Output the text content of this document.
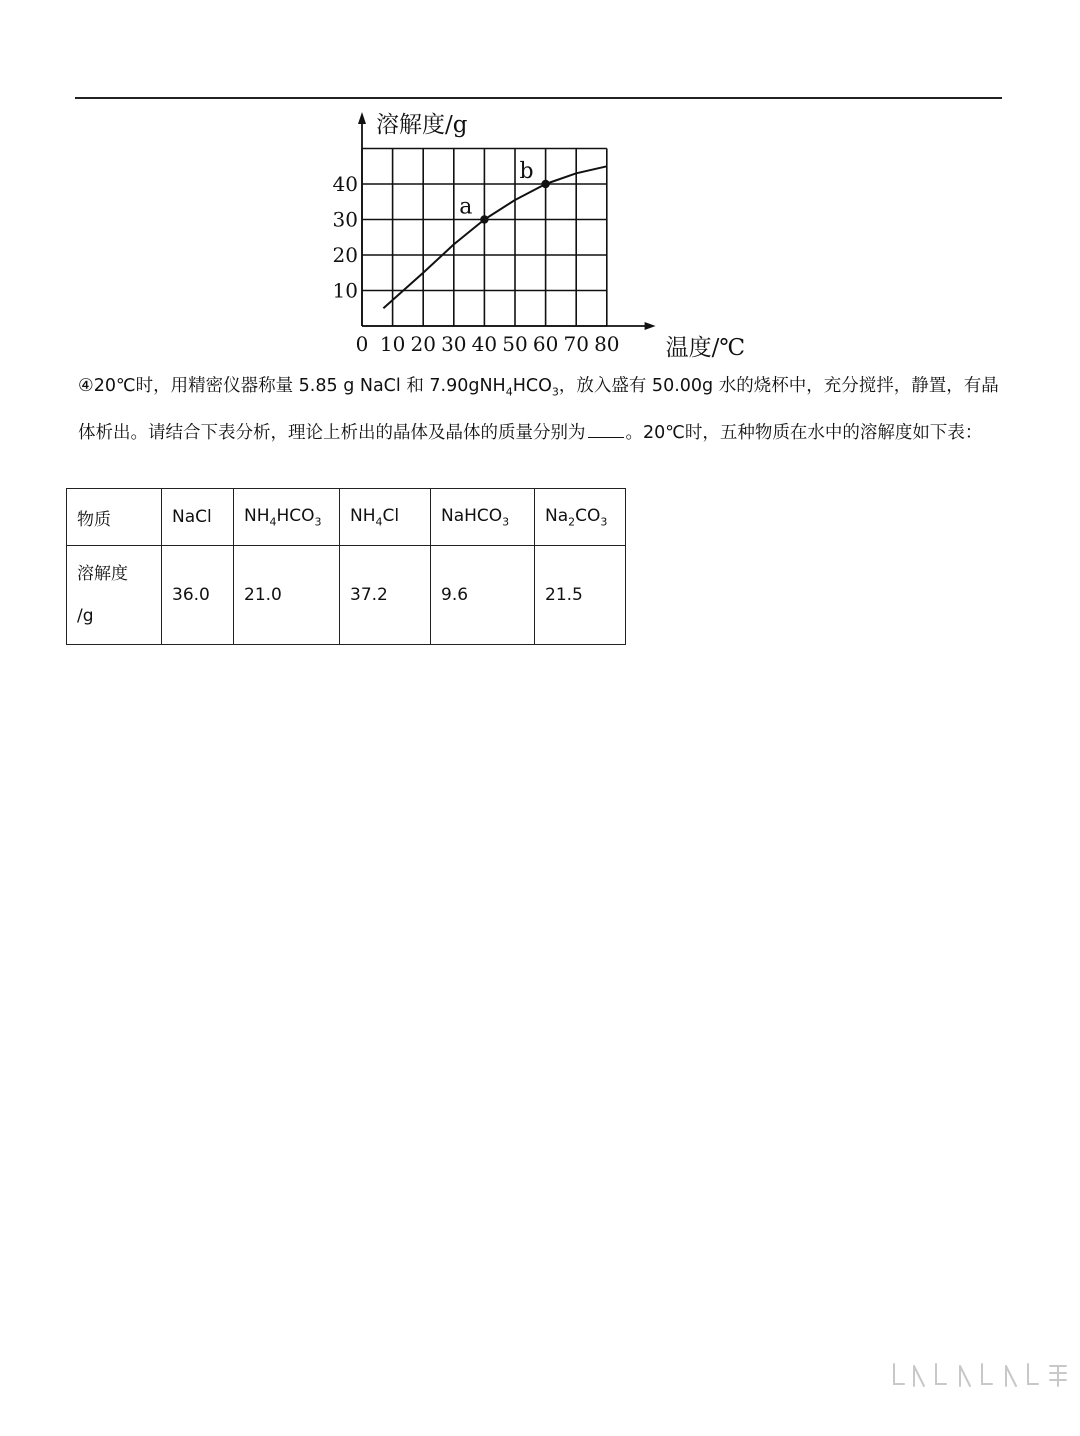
溶解度/g
温度/℃
0 10 20 30 40 50 60 70 80
10
20
30
40
a
b

④20℃时，用精密仪器称量 5.85 g NaCl 和 $7.90gNH_4HCO_3$，放入盛有 50.00g 水的烧杯中，充分搅拌，静置，有晶体析出。请结合下表分析，理论上析出的晶体及晶体的质量分别为 。20℃时，五种物质在水中的溶解度如下表：

物质	NaCl	$NH_4HCO_3$	$NH_4Cl$	NaHCO$_3$	$Na_2CO_3$
溶解度
/g	36.0	21.0	37.2	9.6	21.5
